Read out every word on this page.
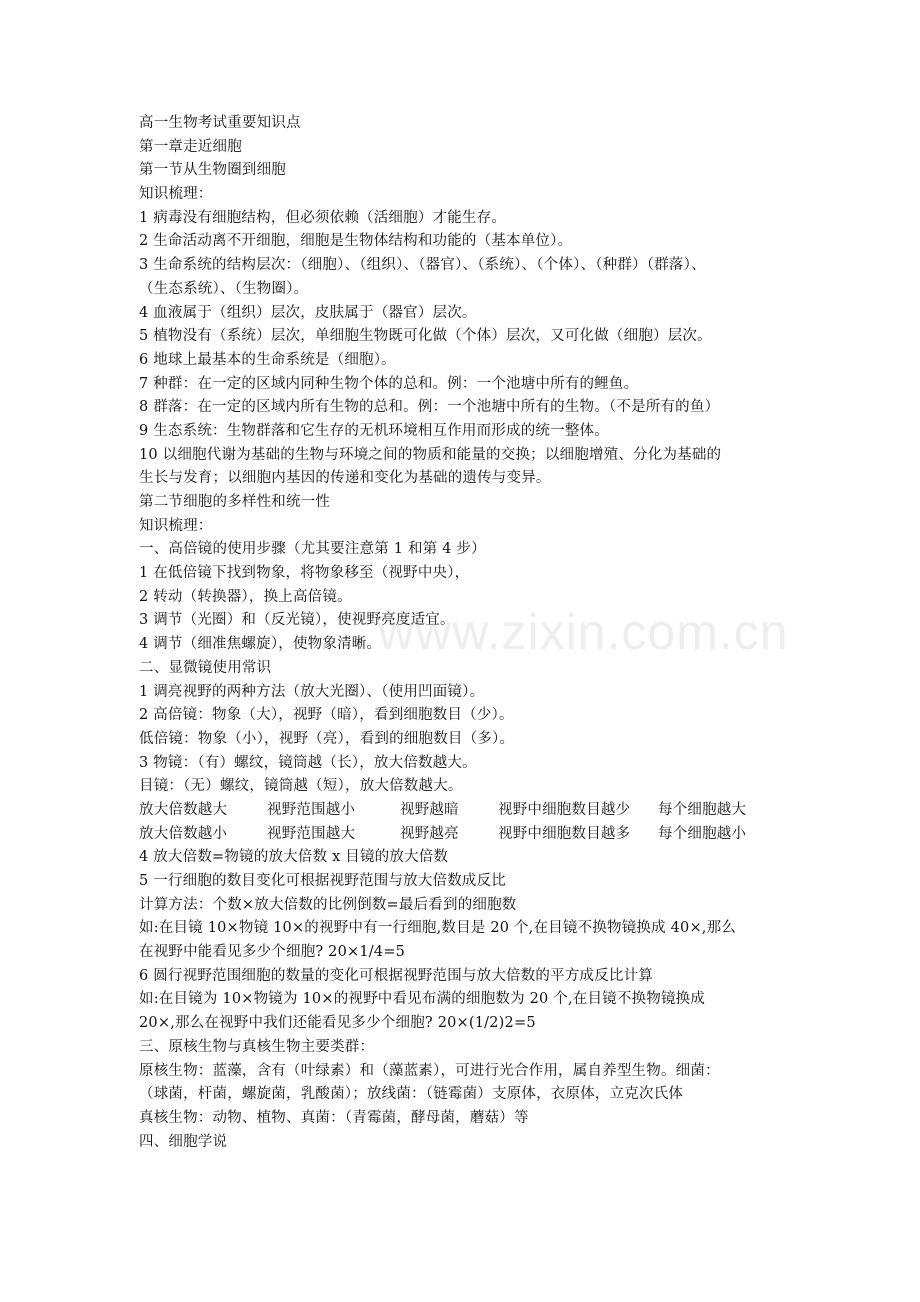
www.zixin.com.cn
高一生物考试重要知识点
第一章走近细胞
第一节从生物圈到细胞
知识梳理：
1 病毒没有细胞结构，但必须依赖（活细胞）才能生存。
2 生命活动离不开细胞，细胞是生物体结构和功能的（基本单位）。
3 生命系统的结构层次：（细胞）、（组织）、（器官）、（系统）、（个体）、（种群）（群落）、
（生态系统）、（生物圈）。
4 血液属于（组织）层次，皮肤属于（器官）层次。
5 植物没有（系统）层次，单细胞生物既可化做（个体）层次，又可化做（细胞）层次。
6 地球上最基本的生命系统是（细胞）。
7 种群：在一定的区域内同种生物个体的总和。例：一个池塘中所有的鲤鱼。
8 群落：在一定的区域内所有生物的总和。例：一个池塘中所有的生物。（不是所有的鱼）
9 生态系统：生物群落和它生存的无机环境相互作用而形成的统一整体。
10 以细胞代谢为基础的生物与环境之间的物质和能量的交换；以细胞增殖、分化为基础的
生长与发育；以细胞内基因的传递和变化为基础的遗传与变异。
第二节细胞的多样性和统一性
知识梳理：
一、高倍镜的使用步骤（尤其要注意第 1 和第 4 步）
1 在低倍镜下找到物象，将物象移至（视野中央），
2 转动（转换器），换上高倍镜。
3 调节（光圈）和（反光镜），使视野亮度适宜。
4 调节（细准焦螺旋），使物象清晰。
二、显微镜使用常识
1 调亮视野的两种方法（放大光圈）、（使用凹面镜）。
2 高倍镜：物象（大），视野（暗），看到细胞数目（少）。
低倍镜：物象（小），视野（亮），看到的细胞数目（多）。
3 物镜：（有）螺纹，镜筒越（长），放大倍数越大。
目镜：（无）螺纹，镜筒越（短），放大倍数越大。
放大倍数越大	视野范围越小	视野越暗	视野中细胞数目越少	每个细胞越大
放大倍数越小	视野范围越大	视野越亮	视野中细胞数目越多	每个细胞越小
4 放大倍数=物镜的放大倍数 x 目镜的放大倍数
5 一行细胞的数目变化可根据视野范围与放大倍数成反比
计算方法：个数×放大倍数的比例倒数=最后看到的细胞数
如:在目镜 10×物镜 10×的视野中有一行细胞,数目是 20 个,在目镜不换物镜换成 40×,那么
在视野中能看见多少个细胞? 20×1/4=5
6 圆行视野范围细胞的数量的变化可根据视野范围与放大倍数的平方成反比计算
如:在目镜为 10×物镜为 10×的视野中看见布满的细胞数为 20 个,在目镜不换物镜换成
20×,那么在视野中我们还能看见多少个细胞? 20×(1/2)2=5
三、原核生物与真核生物主要类群：
原核生物：蓝藻，含有（叶绿素）和（藻蓝素），可进行光合作用，属自养型生物。细菌：
（球菌，杆菌，螺旋菌，乳酸菌）；放线菌：（链霉菌）支原体，衣原体，立克次氏体
真核生物：动物、植物、真菌：（青霉菌，酵母菌，蘑菇）等
四、细胞学说
